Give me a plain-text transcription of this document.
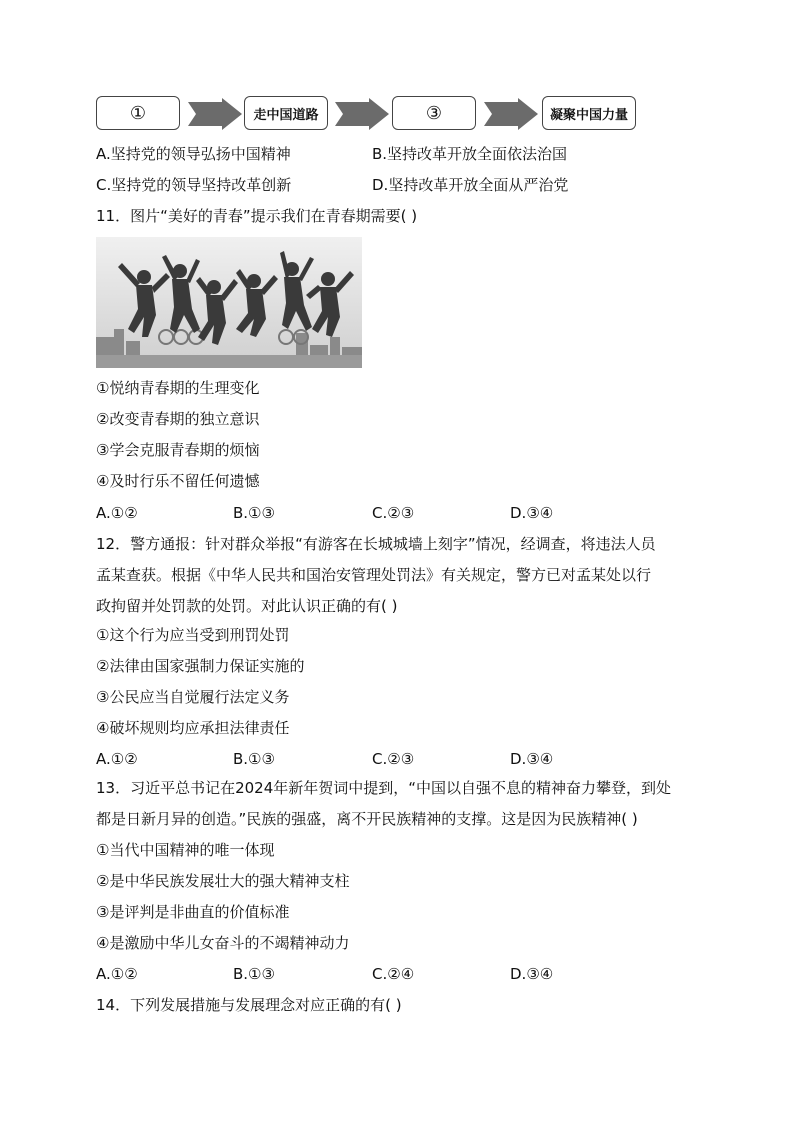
①	走中国道路	③	凝聚中国力量
A.坚持党的领导弘扬中国精神	B.坚持改革开放全面依法治国
C.坚持党的领导坚持改革创新	D.坚持改革开放全面从严治党
11．图片“美好的青春”提示我们在青春期需要( )
①悦纳青春期的生理变化
②改变青春期的独立意识
③学会克服青春期的烦恼
④及时行乐不留任何遗憾
A.①②	B.①③	C.②③	D.③④
12．警方通报：针对群众举报“有游客在长城城墙上刻字”情况，经调查，将违法人员
孟某查获。根据《中华人民共和国治安管理处罚法》有关规定，警方已对孟某处以行
政拘留并处罚款的处罚。对此认识正确的有( )
①这个行为应当受到刑罚处罚
②法律由国家强制力保证实施的
③公民应当自觉履行法定义务
④破坏规则均应承担法律责任
A.①②	B.①③	C.②③	D.③④
13．习近平总书记在2024年新年贺词中提到，“中国以自强不息的精神奋力攀登，到处
都是日新月异的创造。”民族的强盛，离不开民族精神的支撑。这是因为民族精神( )
①当代中国精神的唯一体现
②是中华民族发展壮大的强大精神支柱
③是评判是非曲直的价值标准
④是激励中华儿女奋斗的不竭精神动力
A.①②	B.①③	C.②④	D.③④
14．下列发展措施与发展理念对应正确的有( )
